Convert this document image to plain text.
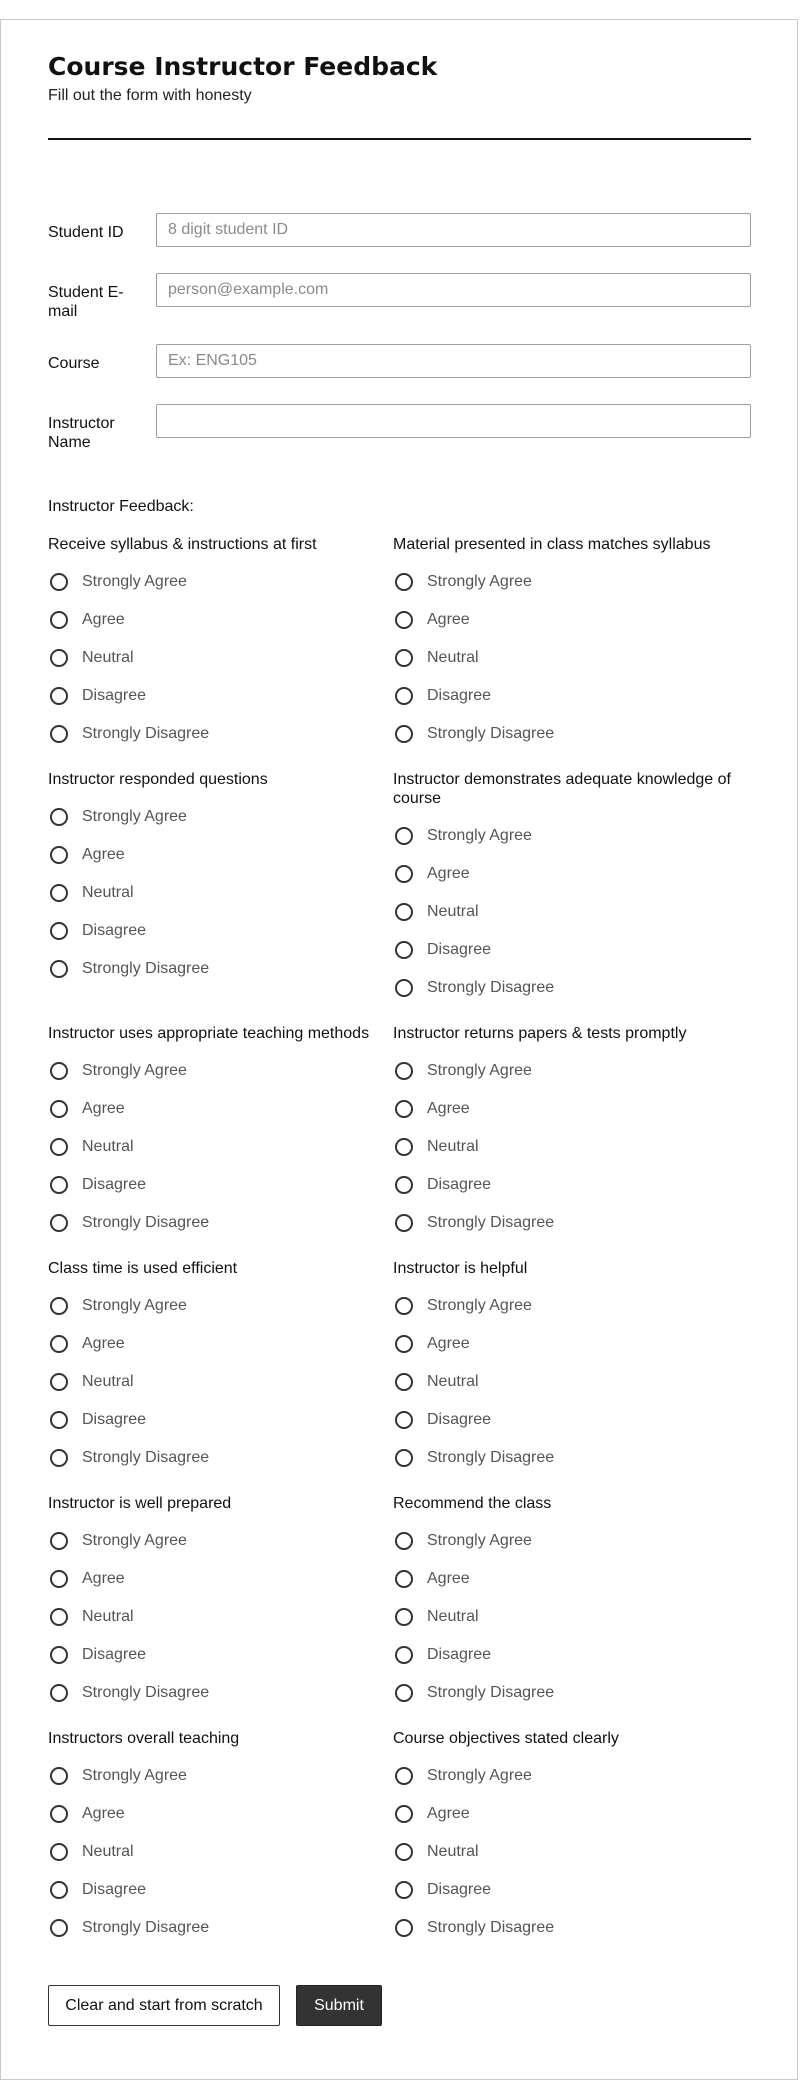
Course Instructor Feedback
Fill out the form with honesty
Student ID
8 digit student ID
Student E-mail
person@example.com
Course
Ex: ENG105
Instructor Name
Instructor Feedback:
Receive syllabus & instructions at first
Strongly Agree
Agree
Neutral
Disagree
Strongly Disagree
Material presented in class matches syllabus
Strongly Agree
Agree
Neutral
Disagree
Strongly Disagree
Instructor responded questions
Strongly Agree
Agree
Neutral
Disagree
Strongly Disagree
Instructor demonstrates adequate knowledge of course
Strongly Agree
Agree
Neutral
Disagree
Strongly Disagree
Instructor uses appropriate teaching methods
Strongly Agree
Agree
Neutral
Disagree
Strongly Disagree
Instructor returns papers & tests promptly
Strongly Agree
Agree
Neutral
Disagree
Strongly Disagree
Class time is used efficient
Strongly Agree
Agree
Neutral
Disagree
Strongly Disagree
Instructor is helpful
Strongly Agree
Agree
Neutral
Disagree
Strongly Disagree
Instructor is well prepared
Strongly Agree
Agree
Neutral
Disagree
Strongly Disagree
Recommend the class
Strongly Agree
Agree
Neutral
Disagree
Strongly Disagree
Instructors overall teaching
Strongly Agree
Agree
Neutral
Disagree
Strongly Disagree
Course objectives stated clearly
Strongly Agree
Agree
Neutral
Disagree
Strongly Disagree
Clear and start from scratch	Submit
